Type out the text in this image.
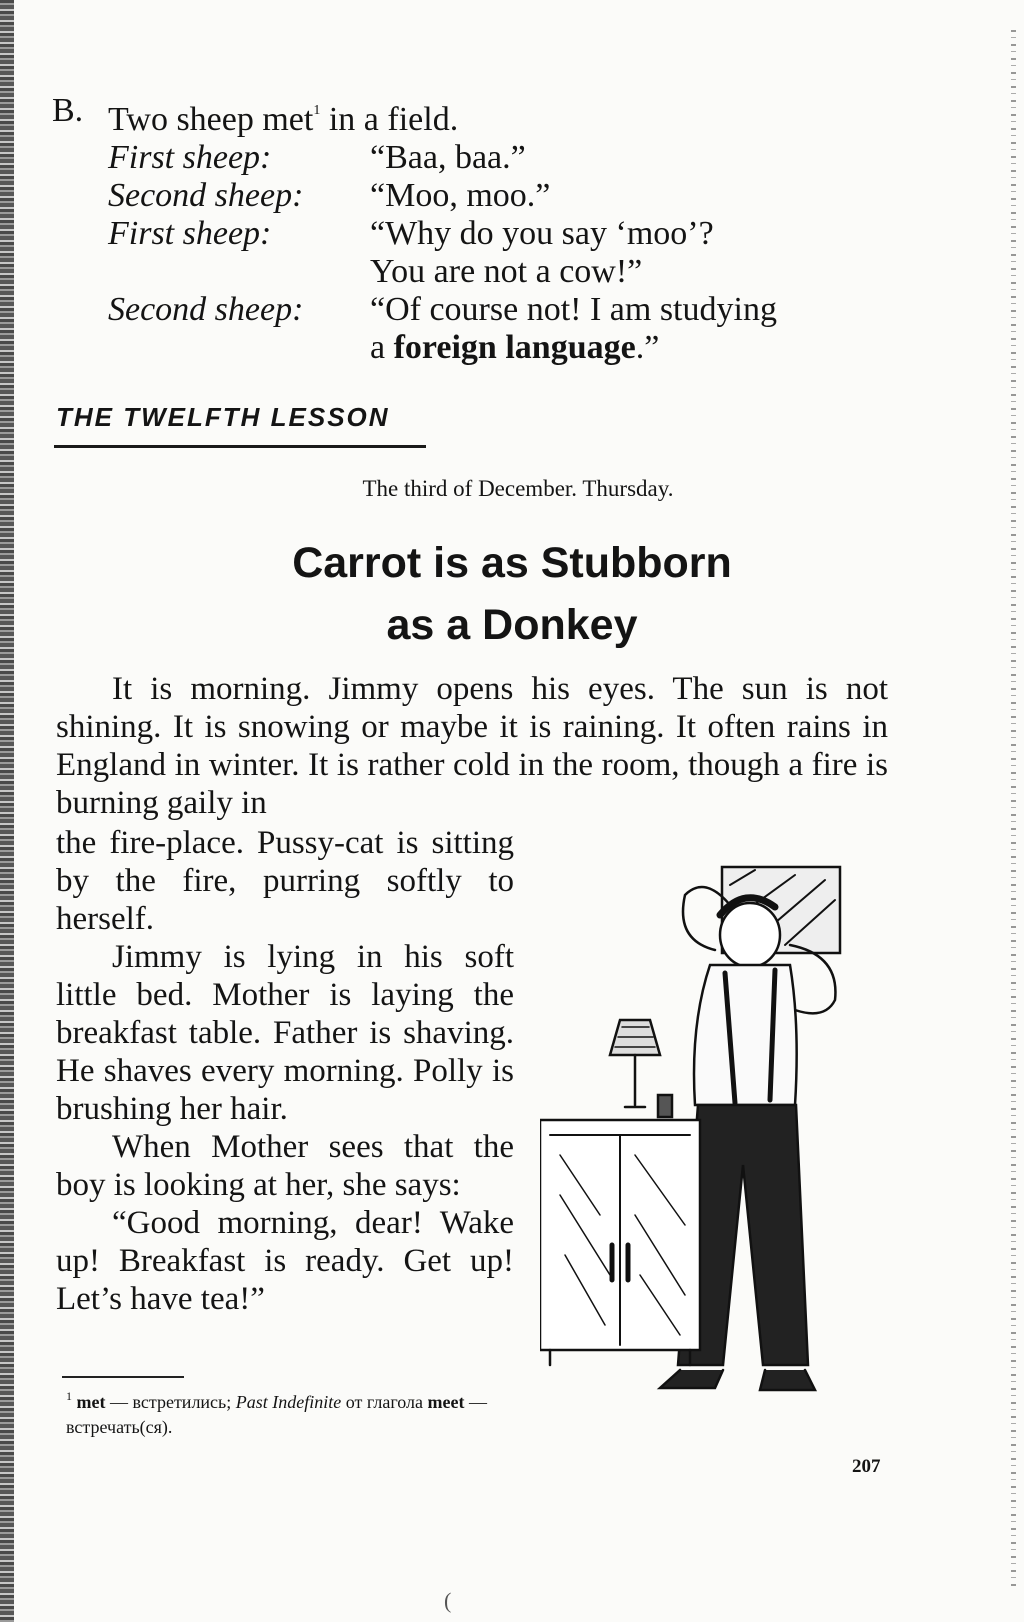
B. Two sheep met$^1$ in a field.
First sheep:	“Baa, baa.”
Second sheep:	“Moo, moo.”
First sheep:	“Why do you say ‘moo’?
You are not a cow!”
Second sheep:	“Of course not! I am studying
a foreign language.”
THE TWELFTH LESSON
The third of December. Thursday.
Carrot is as Stubborn
as a Donkey

It is morning. Jimmy opens his eyes. The sun is not shining. It is snowing or maybe it is raining. It often rains in England in winter. It is rather cold in the room, though a fire is burning gaily in

the fire-place. Pussy-cat is sitting by the fire, purring softly to herself.

Jimmy is lying in his soft little bed. Mother is laying the breakfast table. Father is shaving. He shaves every morning. Polly is brushing her hair.

When Mother sees that the boy is looking at her, she says:

“Good morning, dear! Wake up! Breakfast is ready. Get up! Let’s have tea!”

$^1$ met — встретились; Past Indefinite от глагола meet — встречать(ся).
207
(
